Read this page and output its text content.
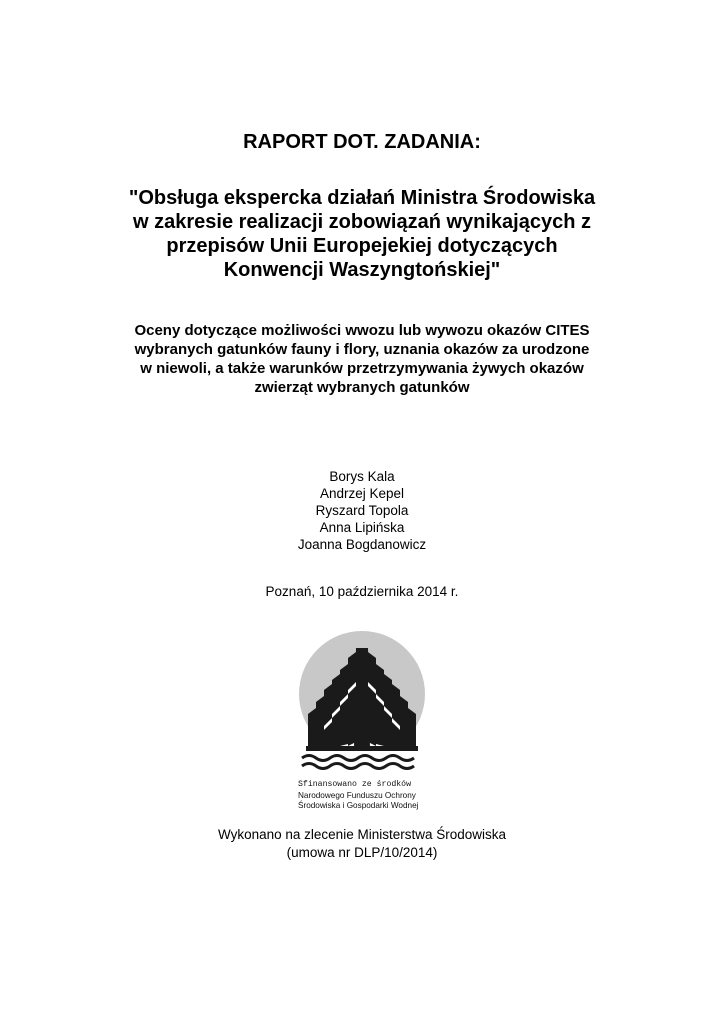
RAPORT DOT. ZADANIA:
"Obsługa ekspercka działań Ministra Środowiska
w zakresie realizacji zobowiązań wynikających z
przepisów Unii Europejekiej dotyczących
Konwencji Waszyngtońskiej"
Oceny dotyczące możliwości wwozu lub wywozu okazów CITES
wybranych gatunków fauny i flory, uznania okazów za urodzone
w niewoli, a także warunków przetrzymywania żywych okazów
zwierząt wybranych gatunków
Borys Kala
Andrzej Kepel
Ryszard Topola
Anna Lipińska
Joanna Bogdanowicz
Poznań, 10 października 2014 r.
Sfinansowano ze środków
Narodowego Funduszu Ochrony
Środowiska i Gospodarki Wodnej
Wykonano na zlecenie Ministerstwa Środowiska
(umowa nr DLP/10/2014)
